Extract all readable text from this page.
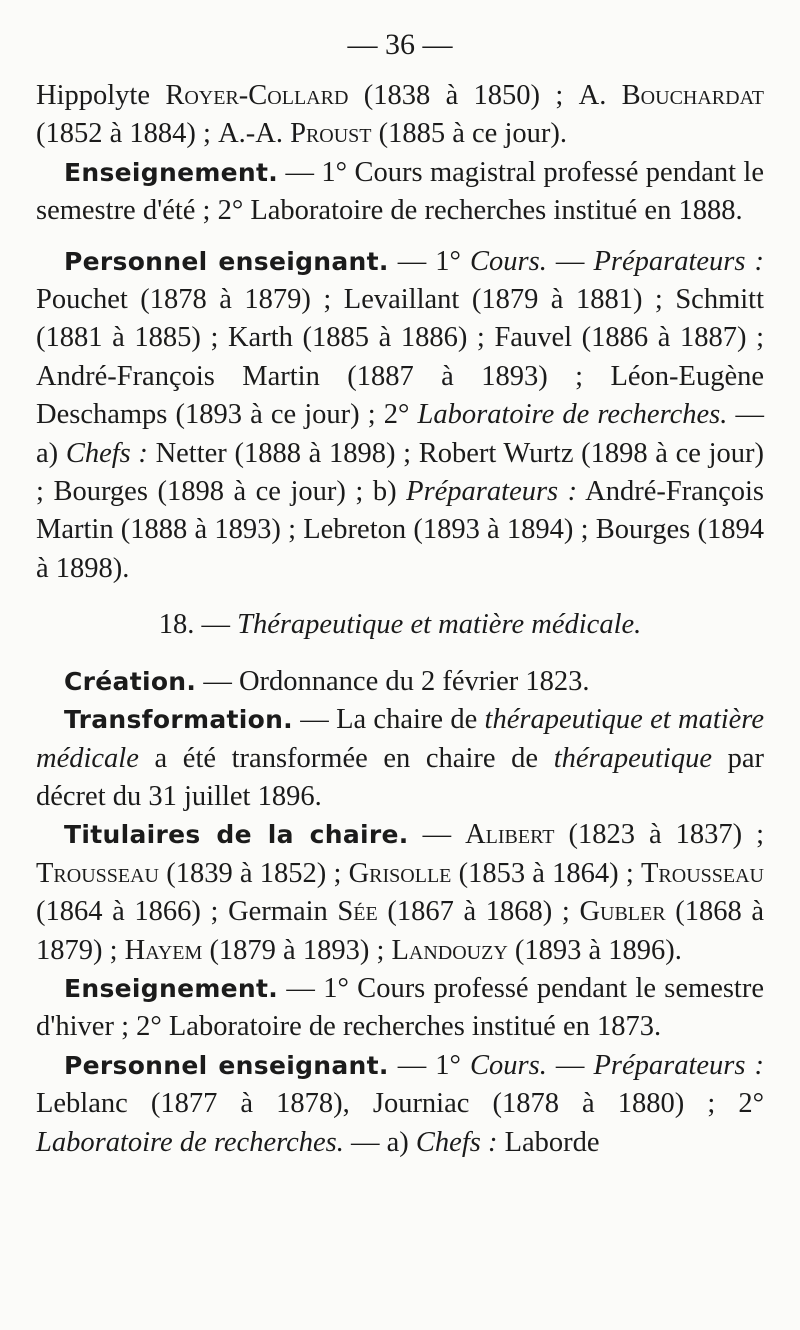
— 36 —

Hippolyte Royer-Collard (1838 à 1850) ; A. Bouchardat (1852 à 1884) ; A.-A. Proust (1885 à ce jour).

Enseignement. — 1° Cours magistral professé pendant le semestre d'été ; 2° Laboratoire de recherches institué en 1888.

Personnel enseignant. — 1° Cours. — Préparateurs : Pouchet (1878 à 1879) ; Levaillant (1879 à 1881) ; Schmitt (1881 à 1885) ; Karth (1885 à 1886) ; Fauvel (1886 à 1887) ; André-François Martin (1887 à 1893) ; Léon-Eugène Deschamps (1893 à ce jour) ; 2° Laboratoire de recherches. — a) Chefs : Netter (1888 à 1898) ; Robert Wurtz (1898 à ce jour) ; Bourges (1898 à ce jour) ; b) Préparateurs : André-François Martin (1888 à 1893) ; Lebreton (1893 à 1894) ; Bourges (1894 à 1898).

18. — Thérapeutique et matière médicale.

Création. — Ordonnance du 2 février 1823.

Transformation. — La chaire de thérapeutique et matière médicale a été transformée en chaire de thérapeutique par décret du 31 juillet 1896.

Titulaires de la chaire. — Alibert (1823 à 1837) ; Trousseau (1839 à 1852) ; Grisolle (1853 à 1864) ; Trousseau (1864 à 1866) ; Germain Sée (1867 à 1868) ; Gubler (1868 à 1879) ; Hayem (1879 à 1893) ; Landouzy (1893 à 1896).

Enseignement. — 1° Cours professé pendant le semestre d'hiver ; 2° Laboratoire de recherches institué en 1873.

Personnel enseignant. — 1° Cours. — Préparateurs : Leblanc (1877 à 1878), Journiac (1878 à 1880) ; 2° Laboratoire de recherches. — a) Chefs : Laborde
